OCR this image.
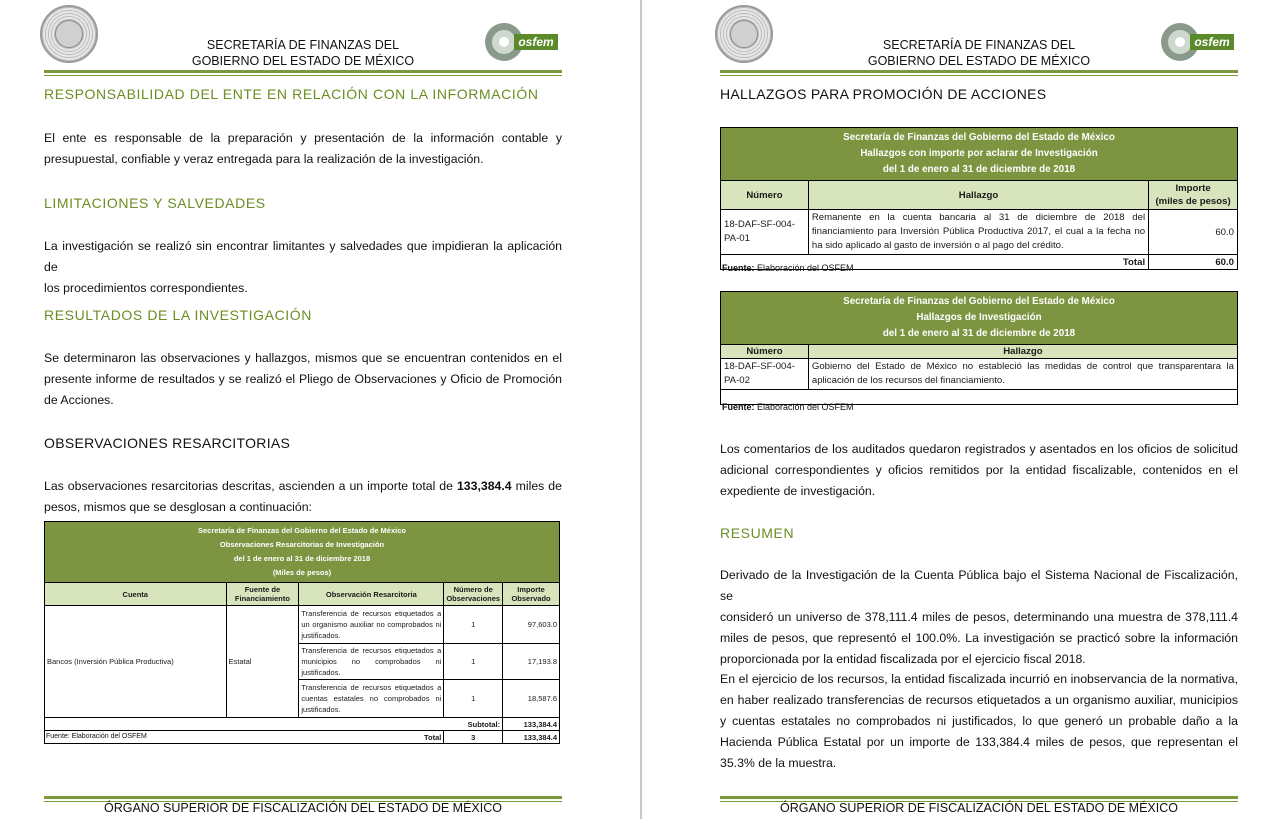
SECRETARÍA DE FINANZAS DEL
GOBIERNO DEL ESTADO DE MÉXICO
osfem
RESPONSABILIDAD DEL ENTE EN RELACIÓN CON LA INFORMACIÓN
El ente es responsable de la preparación y presentación de la información contable y
presupuestal, confiable y veraz entregada para la realización de la investigación.
LIMITACIONES Y SALVEDADES
La investigación se realizó sin encontrar limitantes y salvedades que impidieran la aplicación de
los procedimientos correspondientes.
RESULTADOS DE LA INVESTIGACIÓN
Se determinaron las observaciones y hallazgos, mismos que se encuentran contenidos en el
presente informe de resultados y se realizó el Pliego de Observaciones y Oficio de Promoción
de Acciones.
OBSERVACIONES RESARCITORIAS
Las observaciones resarcitorias descritas, ascienden a un importe total de 133,384.4 miles de
pesos, mismos que se desglosan a continuación:
Secretaría de Finanzas del Gobierno del Estado de México
Observaciones Resarcitorias de Investigación
del 1 de enero al 31 de diciembre 2018
(Miles de pesos)				

Cuenta	Fuente de Financiamiento	Observación Resarcitoria	Número de Observaciones	Importe Observado
Bancos (Inversión Pública Productiva)	Estatal	Transferencia de recursos etiquetados a un organismo auxiliar no comprobados ni justificados.	1	97,603.0
		Transferencia de recursos etiquetados a municipios no comprobados ni justificados.	1	17,193.8
		Transferencia de recursos etiquetados a cuentas estatales no comprobados ni justificados.	1	18,587.6
Subtotal:				133,384.4
Total			3	133,384.4
Fuente: Elaboración del OSFEM
ÓRGANO SUPERIOR DE FISCALIZACIÓN DEL ESTADO DE MÉXICO
SECRETARÍA DE FINANZAS DEL
GOBIERNO DEL ESTADO DE MÉXICO
osfem
HALLAZGOS PARA PROMOCIÓN DE ACCIONES
ÓRGANO SUPERIOR DE FISCALIZACIÓN DEL ESTADO DE MÉXICO
Secretaría de Finanzas del Gobierno del Estado de México
Hallazgos con importe por aclarar de Investigación
del 1 de enero al 31 de diciembre de 2018		

Número	Hallazgo	Importe
(miles de pesos)

18-DAF-SF-004-PA-01	Remanente en la cuenta bancaria al 31 de diciembre de 2018 del financiamiento para Inversión Pública Productiva 2017, el cual a la fecha no ha sido aplicado al gasto de inversión o al pago del crédito.	60.0
Total		60.0
Fuente: Elaboración del OSFEM
Secretaría de Finanzas del Gobierno del Estado de México
Hallazgos de Investigación
del 1 de enero al 31 de diciembre de 2018	

Número	Hallazgo
18-DAF-SF-004-PA-02	Gobierno del Estado de México no estableció las medidas de control que transparentara la aplicación de los recursos del financiamiento.

Fuente: Elaboración del OSFEM
Los comentarios de los auditados quedaron registrados y asentados en los oficios de solicitud
adicional correspondientes y oficios remitidos por la entidad fiscalizable, contenidos en el
expediente de investigación.
RESUMEN
Derivado de la Investigación de la Cuenta Pública bajo el Sistema Nacional de Fiscalización, se
consideró un universo de 378,111.4 miles de pesos, determinando una muestra de 378,111.4
miles de pesos, que representó el 100.0%. La investigación se practicó sobre la información
proporcionada por la entidad fiscalizada por el ejercicio fiscal 2018.
En el ejercicio de los recursos, la entidad fiscalizada incurrió en inobservancia de la normativa,
en haber realizado transferencias de recursos etiquetados a un organismo auxiliar, municipios
y cuentas estatales no comprobados ni justificados, lo que generó un probable daño a la
Hacienda Pública Estatal por un importe de 133,384.4 miles de pesos, que representan el
35.3% de la muestra.
